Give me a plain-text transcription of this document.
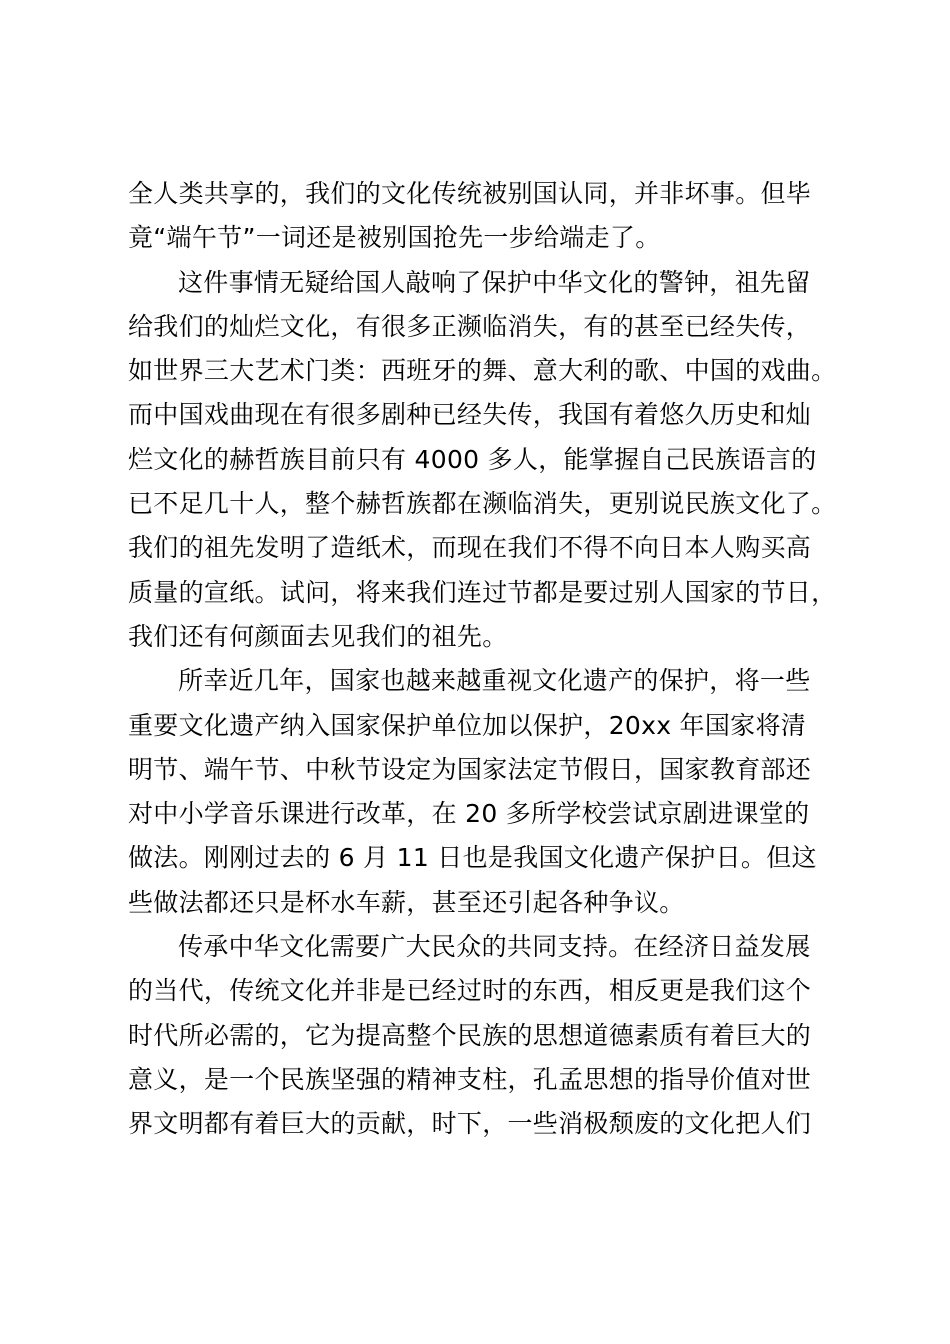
全人类共享的，我们的文化传统被别国认同，并非坏事。但毕
竟“端午节”一词还是被别国抢先一步给端走了。
这件事情无疑给国人敲响了保护中华文化的警钟，祖先留
给我们的灿烂文化，有很多正濒临消失，有的甚至已经失传，
如世界三大艺术门类：西班牙的舞、意大利的歌、中国的戏曲。
而中国戏曲现在有很多剧种已经失传，我国有着悠久历史和灿
烂文化的赫哲族目前只有 4000 多人，能掌握自己民族语言的
已不足几十人，整个赫哲族都在濒临消失，更别说民族文化了。
我们的祖先发明了造纸术，而现在我们不得不向日本人购买高
质量的宣纸。试问，将来我们连过节都是要过别人国家的节日，
我们还有何颜面去见我们的祖先。
所幸近几年，国家也越来越重视文化遗产的保护，将一些
重要文化遗产纳入国家保护单位加以保护，20xx 年国家将清
明节、端午节、中秋节设定为国家法定节假日，国家教育部还
对中小学音乐课进行改革，在 20 多所学校尝试京剧进课堂的
做法。刚刚过去的 6 月 11 日也是我国文化遗产保护日。但这
些做法都还只是杯水车薪，甚至还引起各种争议。
传承中华文化需要广大民众的共同支持。在经济日益发展
的当代，传统文化并非是已经过时的东西，相反更是我们这个
时代所必需的，它为提高整个民族的思想道德素质有着巨大的
意义，是一个民族坚强的精神支柱，孔孟思想的指导价值对世
界文明都有着巨大的贡献，时下，一些消极颓废的文化把人们
